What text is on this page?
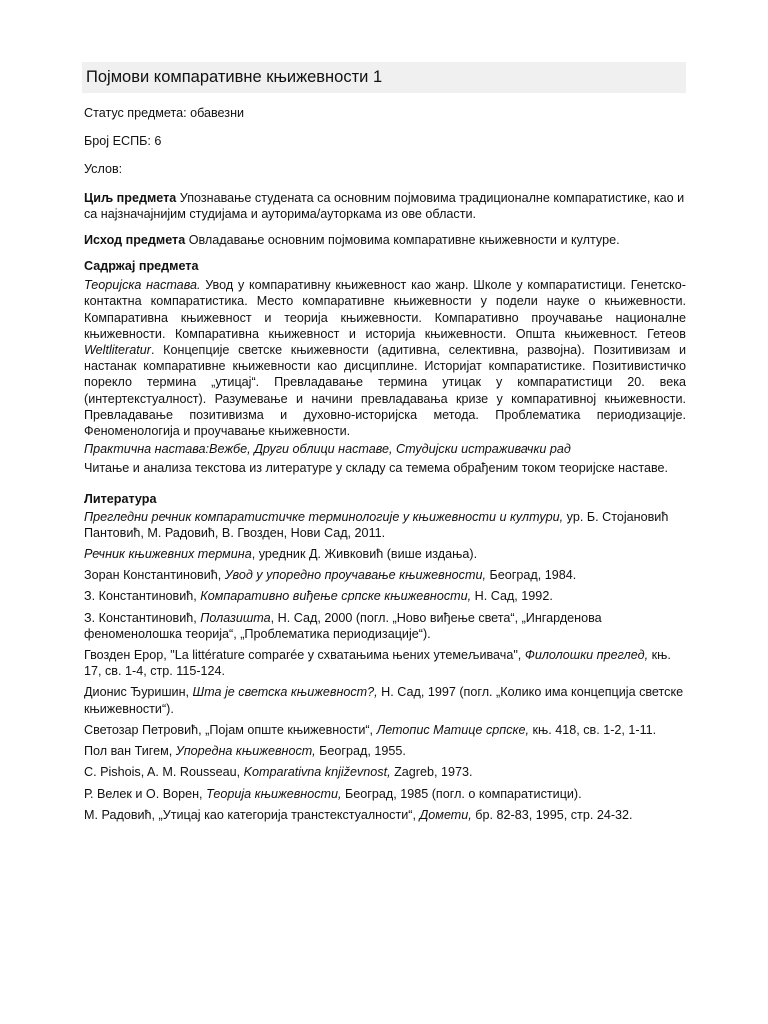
Појмови компаративне књижевности 1

Статус предмета: обавезни

Број ЕСПБ: 6

Услов:

Циљ предмета Упознавање студената са основним појмовима традиционалне компаратистике, као и са најзначајнијим студијама и ауторима/ауторкама из ове области.

Исход предмета Овладавање основним појмовима компаративне књижевности и културе.

Садржај предмета

Теоријска настава. Увод у компаративну књижевност као жанр. Школе у компаратистици. Генетско-контактна компаратистика. Место компаративне књижевности у подели науке о књижевности. Компаративна књижевност и теорија књижевности. Компаративно проучавање националне књижевности. Компаративна књижевност и историја књижевности. Општа књижевност. Гетеов Weltliteratur. Концепције светске књижевности (адитивна, селективна, развојна). Позитивизам и настанак компаративне књижевности као дисциплине. Историјат компаратистике. Позитивистичко порекло термина „утицај“. Превладавање термина утицак у компаратистици 20. века (интертекстуалност). Разумевање и начини превладавања кризе у компаративној књижевности. Превладавање позитивизма и духовно-историјска метода. Проблематика периодизације. Феноменологија и проучавање књижевности.

Практична настава:Вежбе, Други облици наставе, Студијски истраживачки рад

Читање и анализа текстова из литературе у складу са темема обрађеним током теоријске наставе.

Литература

Прегледни речник компаратистичке терминологије у књижевности и култури, ур. Б. Стојановић Пантовић, М. Радовић, В. Гвозден, Нови Сад, 2011.

Речник књижевних термина, уредник Д. Живковић (више издања).

Зоран Константиновић, Увод у упоредно проучавање књижевности, Београд, 1984.

З. Константиновић, Компаративно виђење српске књижевности, Н. Сад, 1992.

З. Константиновић, Полазишта, Н. Сад, 2000 (погл. „Ново виђење света“, „Ингарденова феноменолошка теорија“, „Проблематика периодизације“).

Гвозден Ерор, "La littérature comparée у схватањима њених утемељивача", Филолошки преглед, књ. 17, св. 1-4, стр. 115-124.

Дионис Ђуришин, Шта је светска књижевност?, Н. Сад, 1997 (погл. „Колико има концепција светске књижевности“).

Светозар Петровић, „Појам опште књижевности“, Летопис Матице српске, књ. 418, св. 1-2, 1-11.

Пол ван Тигем, Упоредна књижевност, Београд, 1955.

C. Pishois, A. M. Rousseau, Komparativna književnost, Zagreb, 1973.

Р. Велек и О. Ворен, Теорија књижевности, Београд, 1985 (погл. о компаратистици).

М. Радовић, „Утицај као категорија транстекстуалности“, Домети, бр. 82-83, 1995, стр. 24-32.
